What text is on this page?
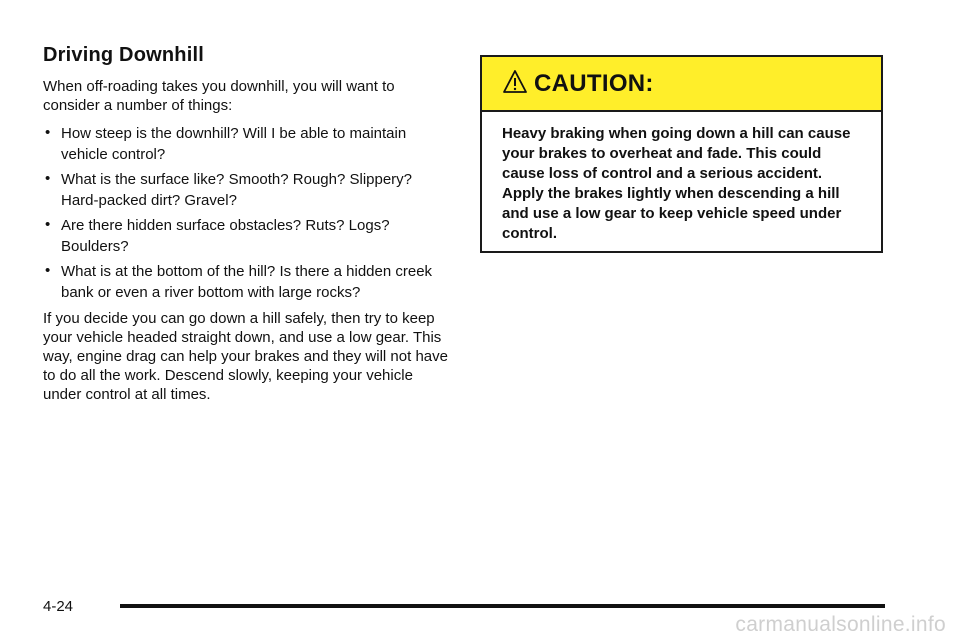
Driving Downhill

When off-roading takes you downhill, you will want to consider a number of things:

• How steep is the downhill? Will I be able to maintain vehicle control?
• What is the surface like? Smooth? Rough? Slippery? Hard-packed dirt? Gravel?
• Are there hidden surface obstacles? Ruts? Logs? Boulders?
• What is at the bottom of the hill? Is there a hidden creek bank or even a river bottom with large rocks?

If you decide you can go down a hill safely, then try to keep your vehicle headed straight down, and use a low gear. This way, engine drag can help your brakes and they will not have to do all the work. Descend slowly, keeping your vehicle under control at all times.

CAUTION:
Heavy braking when going down a hill can cause your brakes to overheat and fade. This could cause loss of control and a serious accident. Apply the brakes lightly when descending a hill and use a low gear to keep vehicle speed under control.
4-24
carmanualsonline.info
